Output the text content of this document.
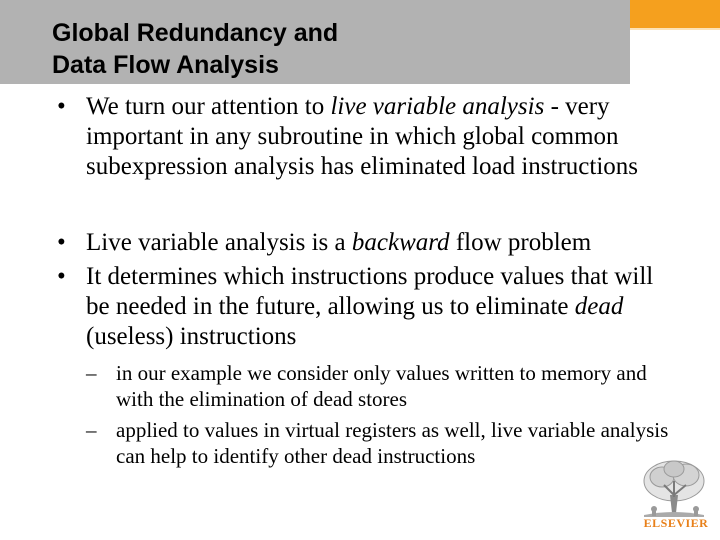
Global Redundancy and
Data Flow Analysis
• We turn our attention to live variable analysis - very important in any subroutine in which global common subexpression analysis has eliminated load instructions
• Live variable analysis is a backward flow problem
• It determines which instructions produce values that will be needed in the future, allowing us to eliminate dead (useless) instructions
– in our example we consider only values written to memory and with the elimination of dead stores
– applied to values in virtual registers as well, live variable analysis can help to identify other dead instructions
ELSEVIER
